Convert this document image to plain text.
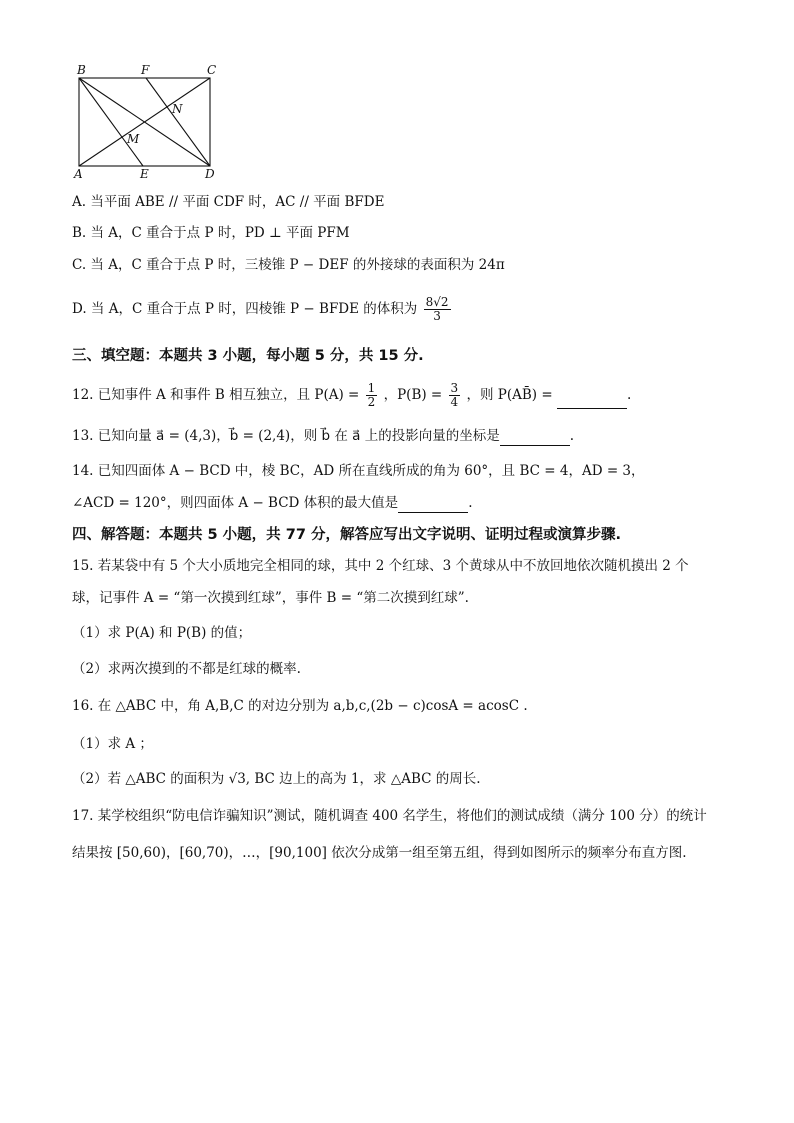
B	F	C
N
M
A	E	D
A. 当平面 ABE // 平面 CDF 时，AC // 平面 BFDE
B. 当 A，C 重合于点 P 时，PD ⊥ 平面 PFM
C. 当 A，C 重合于点 P 时，三棱锥 P − DEF 的外接球的表面积为 24π
D. 当 A，C 重合于点 P 时，四棱锥 P − BFDE 的体积为 $\frac{8√2}{3}$
三、填空题：本题共 3 小题，每小题 5 分，共 15 分.
12. 已知事件 A 和事件 B 相互独立，且 $P(A) = \frac{1}{2}$ ，$P(B) = \frac{3}{4}$ ，则 P(AB̄) =	.
13. 已知向量 a⃗ = (4,3)，b⃗ = (2,4)，则 b⃗ 在 a⃗ 上的投影向量的坐标是	.
14. 已知四面体 A − BCD 中，棱 BC，AD 所在直线所成的角为 60°，且 BC = 4，AD = 3，
∠ACD = 120°，则四面体 A − BCD 体积的最大值是	.
四、解答题：本题共 5 小题，共 77 分，解答应写出文字说明、证明过程或演算步骤.
15. 若某袋中有 5 个大小质地完全相同的球，其中 2 个红球、3 个黄球从中不放回地依次随机摸出 2 个
球，记事件 A = “第一次摸到红球”，事件 B = “第二次摸到红球”.
（1）求 P(A) 和 P(B) 的值；
（2）求两次摸到的不都是红球的概率.
16. 在 △ABC 中，角 A,B,C 的对边分别为 a,b,c,(2b − c)cosA = acosC .
（1）求 A ；
（2）若 △ABC 的面积为 √3, BC 边上的高为 1，求 △ABC 的周长.
17. 某学校组织“防电信诈骗知识”测试，随机调查 400 名学生，将他们的测试成绩（满分 100 分）的统计
结果按 [50,60)，[60,70)，…，[90,100] 依次分成第一组至第五组，得到如图所示的频率分布直方图.
